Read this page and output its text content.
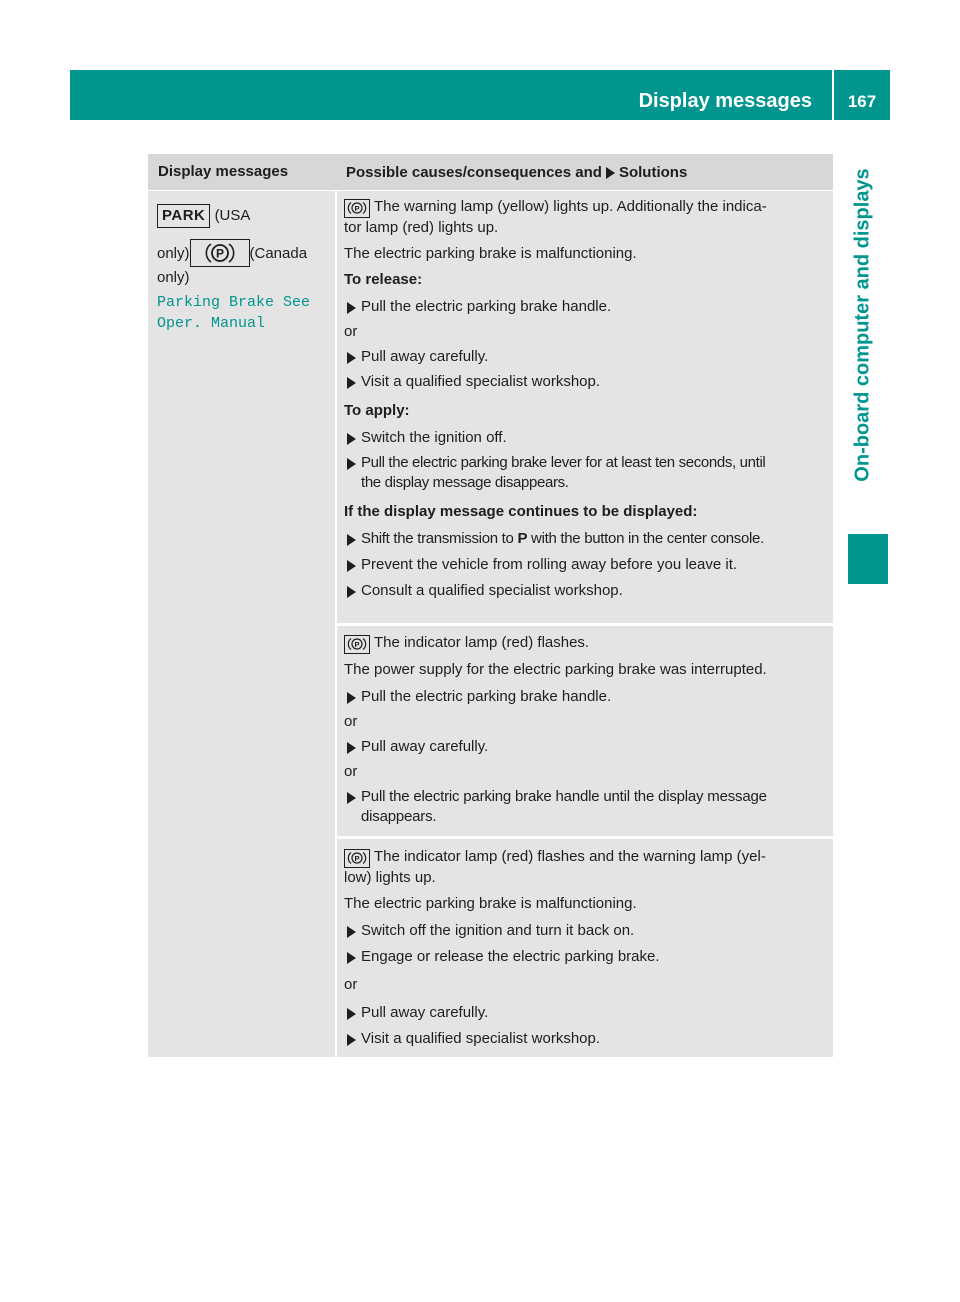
Display messages	167
On-board computer and displays
Display messages	Possible causes/consequences and Solutions
PARK (USA
only) P (Canada
only)
Parking Brake See
Oper. Manual

P The warning lamp (yellow) lights up. Additionally the indica-

tor lamp (red) lights up.

The electric parking brake is malfunctioning.

To release:

Pull the electric parking brake handle.

or

Pull away carefully.

Visit a qualified specialist workshop.

To apply:

Switch the ignition off.

Pull the electric parking brake lever for at least ten seconds, until
the display message disappears.

If the display message continues to be displayed:

Shift the transmission to P with the button in the center console.

Prevent the vehicle from rolling away before you leave it.

Consult a qualified specialist workshop.

P The indicator lamp (red) flashes.

The power supply for the electric parking brake was interrupted.

Pull the electric parking brake handle.

or

Pull away carefully.

or

Pull the electric parking brake handle until the display message
disappears.

P The indicator lamp (red) flashes and the warning lamp (yel-

low) lights up.

The electric parking brake is malfunctioning.

Switch off the ignition and turn it back on.

Engage or release the electric parking brake.

or

Pull away carefully.

Visit a qualified specialist workshop.
